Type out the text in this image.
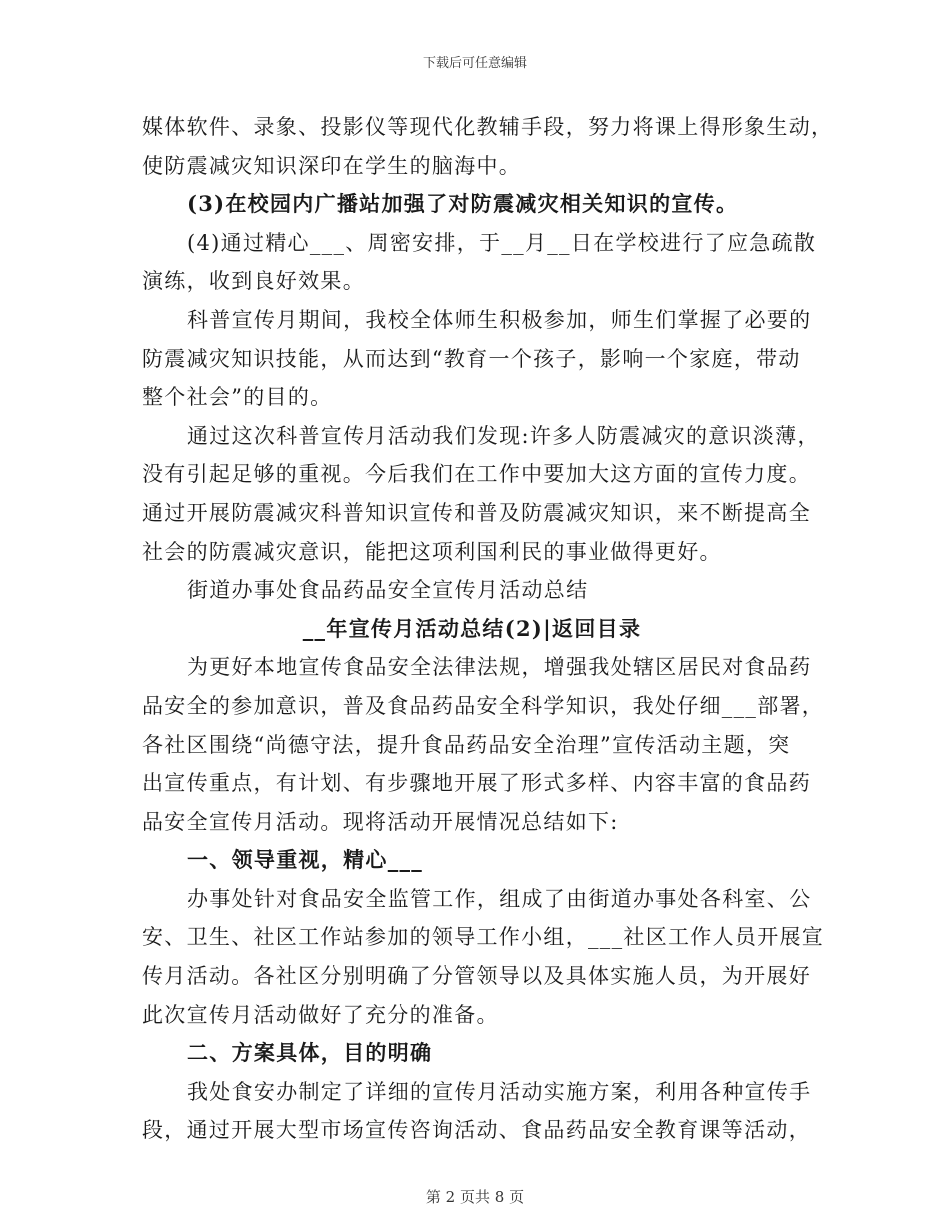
下载后可任意编辑
媒体软件、录象、投影仪等现代化教辅手段，努力将课上得形象生动，
使防震减灾知识深印在学生的脑海中。
(3)在校园内广播站加强了对防震减灾相关知识的宣传。
(4)通过精心___、周密安排，于__月__日在学校进行了应急疏散
演练，收到良好效果。
科普宣传月期间，我校全体师生积极参加，师生们掌握了必要的
防震减灾知识技能，从而达到“教育一个孩子，影响一个家庭，带动
整个社会”的目的。
通过这次科普宣传月活动我们发现:许多人防震减灾的意识淡薄，
没有引起足够的重视。今后我们在工作中要加大这方面的宣传力度。
通过开展防震减灾科普知识宣传和普及防震减灾知识，来不断提高全
社会的防震减灾意识，能把这项利国利民的事业做得更好。
街道办事处食品药品安全宣传月活动总结
__年宣传月活动总结(2)|返回目录
为更好本地宣传食品安全法律法规，增强我处辖区居民对食品药
品安全的参加意识，普及食品药品安全科学知识，我处仔细___部署，
各社区围绕“尚德守法，提升食品药品安全治理”宣传活动主题，突
出宣传重点，有计划、有步骤地开展了形式多样、内容丰富的食品药
品安全宣传月活动。现将活动开展情况总结如下:
一、领导重视，精心___
办事处针对食品安全监管工作，组成了由街道办事处各科室、公
安、卫生、社区工作站参加的领导工作小组，___社区工作人员开展宣
传月活动。各社区分别明确了分管领导以及具体实施人员，为开展好
此次宣传月活动做好了充分的准备。
二、方案具体，目的明确
我处食安办制定了详细的宣传月活动实施方案，利用各种宣传手
段，通过开展大型市场宣传咨询活动、食品药品安全教育课等活动，
第 2 页共 8 页
